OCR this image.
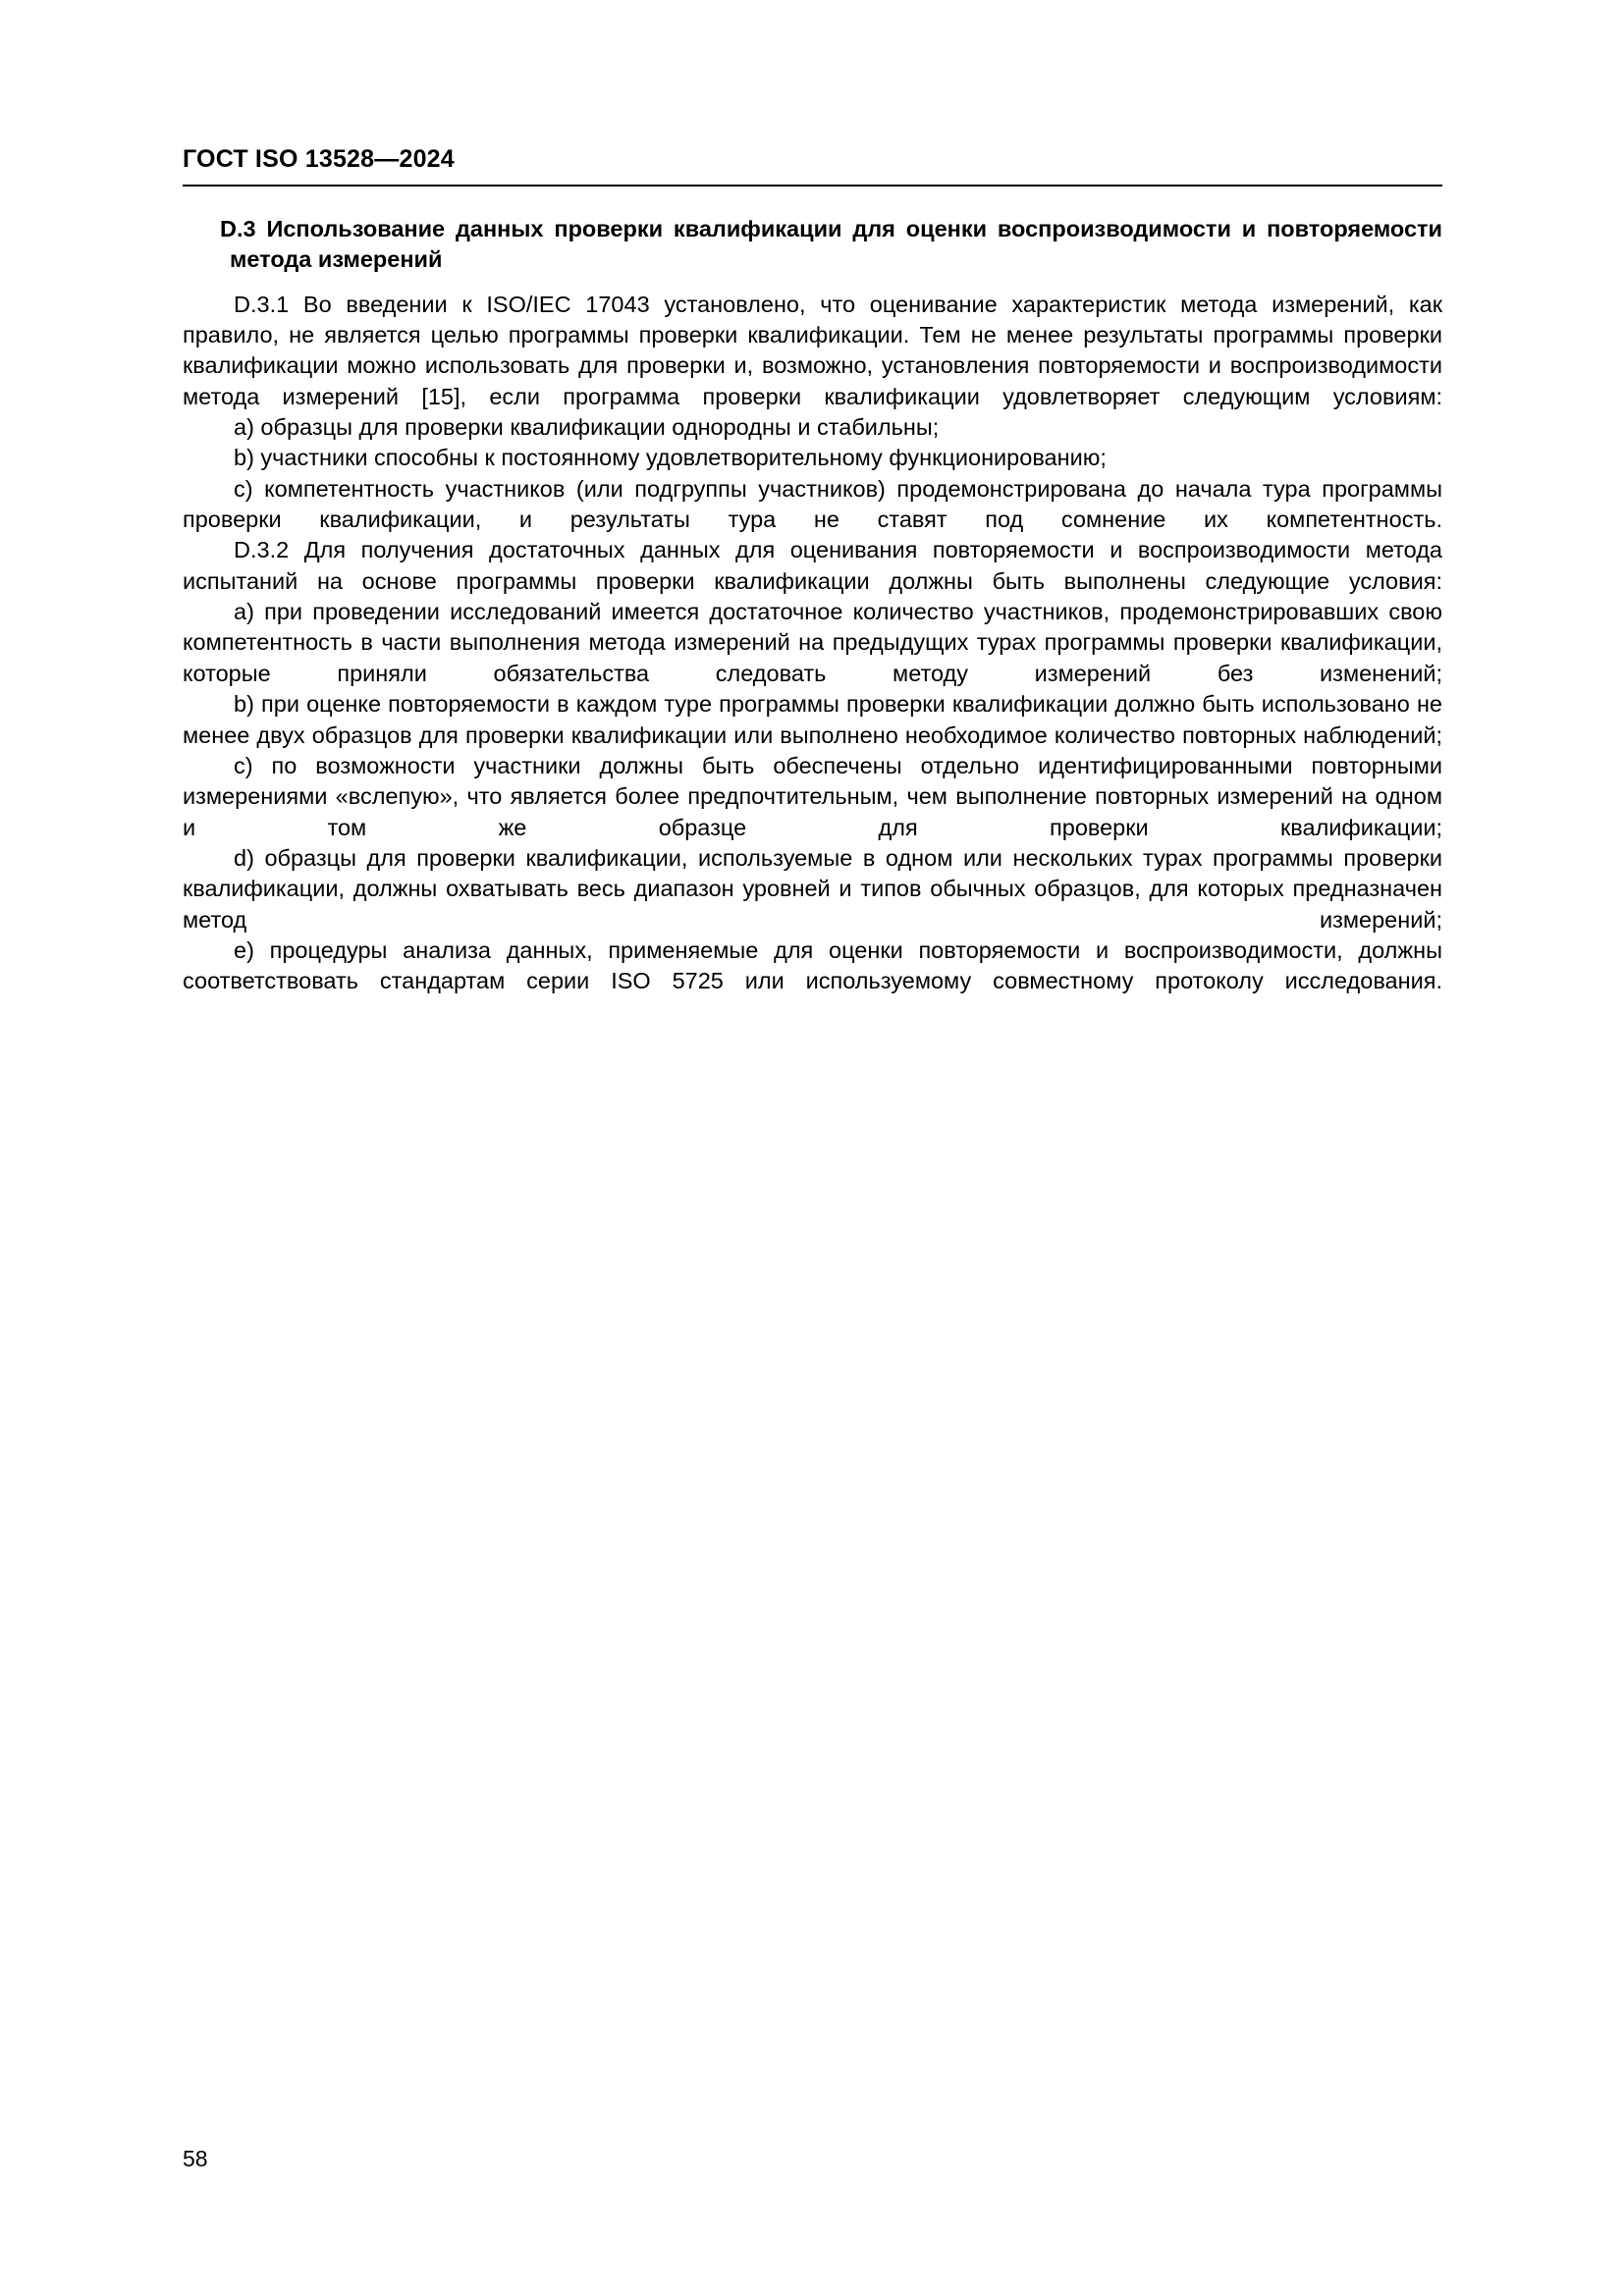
ГОСТ ISO 13528—2024
D.3 Использование данных проверки квалификации для оценки воспроизводимости и повторяемости метода измерений

D.3.1 Во введении к ISO/IEC 17043 установлено, что оценивание характеристик метода измерений, как правило, не является целью программы проверки квалификации. Тем не менее результаты программы проверки квалификации можно использовать для проверки и, возможно, установления повторяемости и воспроизводимости метода измерений [15], если программа проверки квалификации удовлетворяет следующим условиям:

a) образцы для проверки квалификации однородны и стабильны;

b) участники способны к постоянному удовлетворительному функционированию;

c) компетентность участников (или подгруппы участников) продемонстрирована до начала тура программы проверки квалификации, и результаты тура не ставят под сомнение их компетентность.

D.3.2 Для получения достаточных данных для оценивания повторяемости и воспроизводимости метода испытаний на основе программы проверки квалификации должны быть выполнены следующие условия:

a) при проведении исследований имеется достаточное количество участников, продемонстрировавших свою компетентность в части выполнения метода измерений на предыдущих турах программы проверки квалификации, которые приняли обязательства следовать методу измерений без изменений;

b) при оценке повторяемости в каждом туре программы проверки квалификации должно быть использовано не менее двух образцов для проверки квалификации или выполнено необходимое количество повторных наблюдений;

c) по возможности участники должны быть обеспечены отдельно идентифицированными повторными измерениями «вслепую», что является более предпочтительным, чем выполнение повторных измерений на одном и том же образце для проверки квалификации;

d) образцы для проверки квалификации, используемые в одном или нескольких турах программы проверки квалификации, должны охватывать весь диапазон уровней и типов обычных образцов, для которых предназначен метод измерений;

e) процедуры анализа данных, применяемые для оценки повторяемости и воспроизводимости, должны соответствовать стандартам серии ISO 5725 или используемому совместному протоколу исследования.

58
